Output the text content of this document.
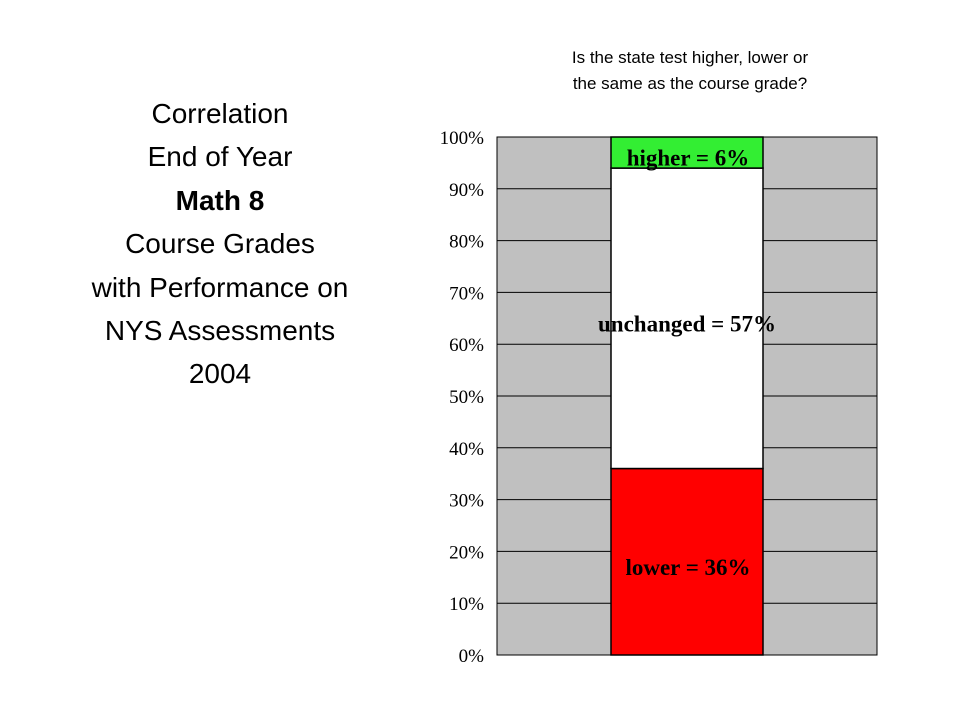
Correlation
End of Year
Math 8
Course Grades
with Performance on
NYS Assessments
2004
Is the state test higher, lower or
the same as the course grade?
0%
10%
20%
30%
40%
50%
60%
70%
80%
90%
100%
lower = 36%
unchanged = 57%
higher = 6%
